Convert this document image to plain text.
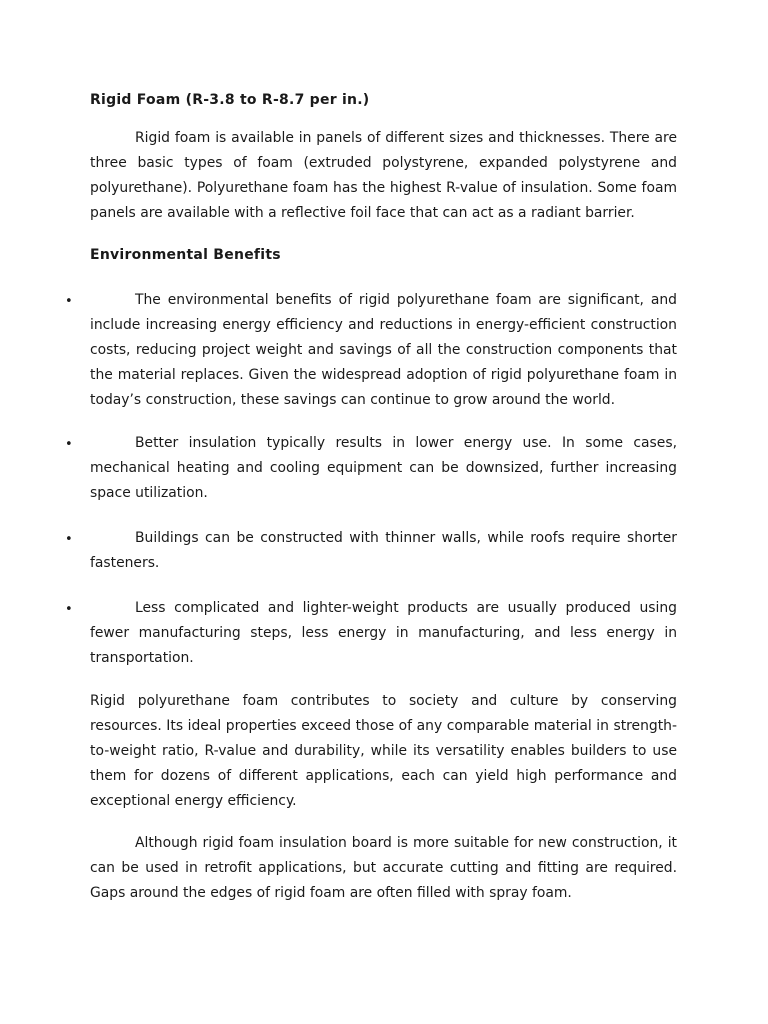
Rigid Foam (R-3.8 to R-8.7 per in.)

Rigid foam is available in panels of different sizes and thicknesses. There are three basic types of foam (extruded polystyrene, expanded polystyrene and polyurethane). Polyurethane foam has the highest R-value of insulation. Some foam panels are available with a reflective foil face that can act as a radiant barrier.

Environmental Benefits
•	The environmental benefits of rigid polyurethane foam are significant, and include increasing energy efficiency and reductions in energy-efficient construction costs, reducing project weight and savings of all the construction components that the material replaces. Given the widespread adoption of rigid polyurethane foam in today’s construction, these savings can continue to grow around the world.

•	Better insulation typically results in lower energy use. In some cases, mechanical heating and cooling equipment can be downsized, further increasing space utilization.

•	Buildings can be constructed with thinner walls, while roofs require shorter fasteners.

•	Less complicated and lighter-weight products are usually produced using fewer manufacturing steps, less energy in manufacturing, and less energy in transportation.

Rigid polyurethane foam contributes to society and culture by conserving resources. Its ideal properties exceed those of any comparable material in strength-to-weight ratio, R-value and durability, while its versatility enables builders to use them for dozens of different applications, each can yield high performance and exceptional energy efficiency.

Although rigid foam insulation board is more suitable for new construction, it can be used in retrofit applications, but accurate cutting and fitting are required. Gaps around the edges of rigid foam are often filled with spray foam.
